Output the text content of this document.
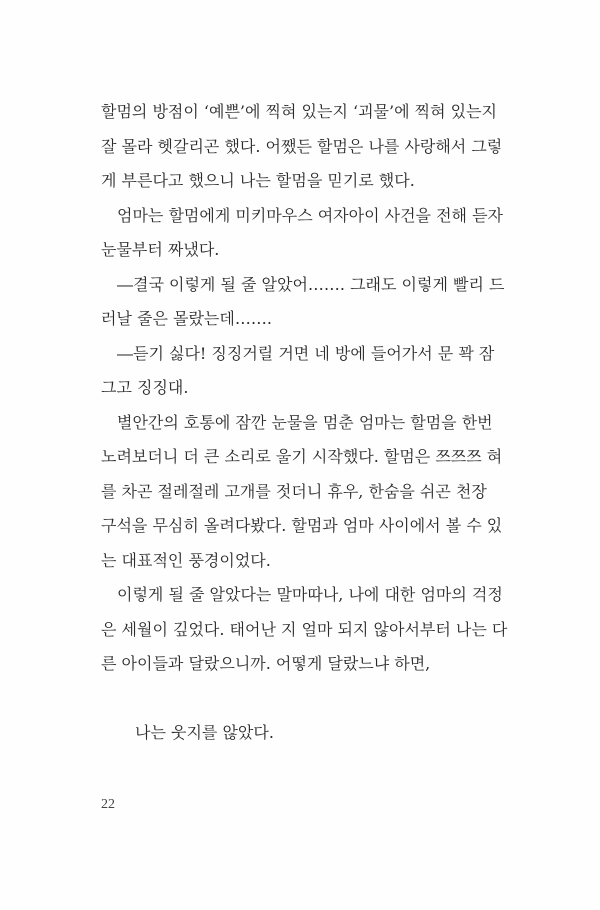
할멈의 방점이 ‘예쁜’에 찍혀 있는지 ‘괴물’에 찍혀 있는지
잘 몰라 헷갈리곤 했다. 어쨌든 할멈은 나를 사랑해서 그렇
게 부른다고 했으니 나는 할멈을 믿기로 했다.
엄마는 할멈에게 미키마우스 여자아이 사건을 전해 듣자
눈물부터 짜냈다.
―결국 이렇게 될 줄 알았어……. 그래도 이렇게 빨리 드
러날 줄은 몰랐는데…….
―듣기 싫다! 징징거릴 거면 네 방에 들어가서 문 꽉 잠
그고 징징대.
별안간의 호통에 잠깐 눈물을 멈춘 엄마는 할멈을 한번
노려보더니 더 큰 소리로 울기 시작했다. 할멈은 쯔쯔쯔 혀
를 차곤 절레절레 고개를 젓더니 휴우, 한숨을 쉬곤 천장
구석을 무심히 올려다봤다. 할멈과 엄마 사이에서 볼 수 있
는 대표적인 풍경이었다.
이렇게 될 줄 알았다는 말마따나, 나에 대한 엄마의 걱정
은 세월이 깊었다. 태어난 지 얼마 되지 않아서부터 나는 다
른 아이들과 달랐으니까. 어떻게 달랐느냐 하면,
나는 웃지를 않았다.
22
